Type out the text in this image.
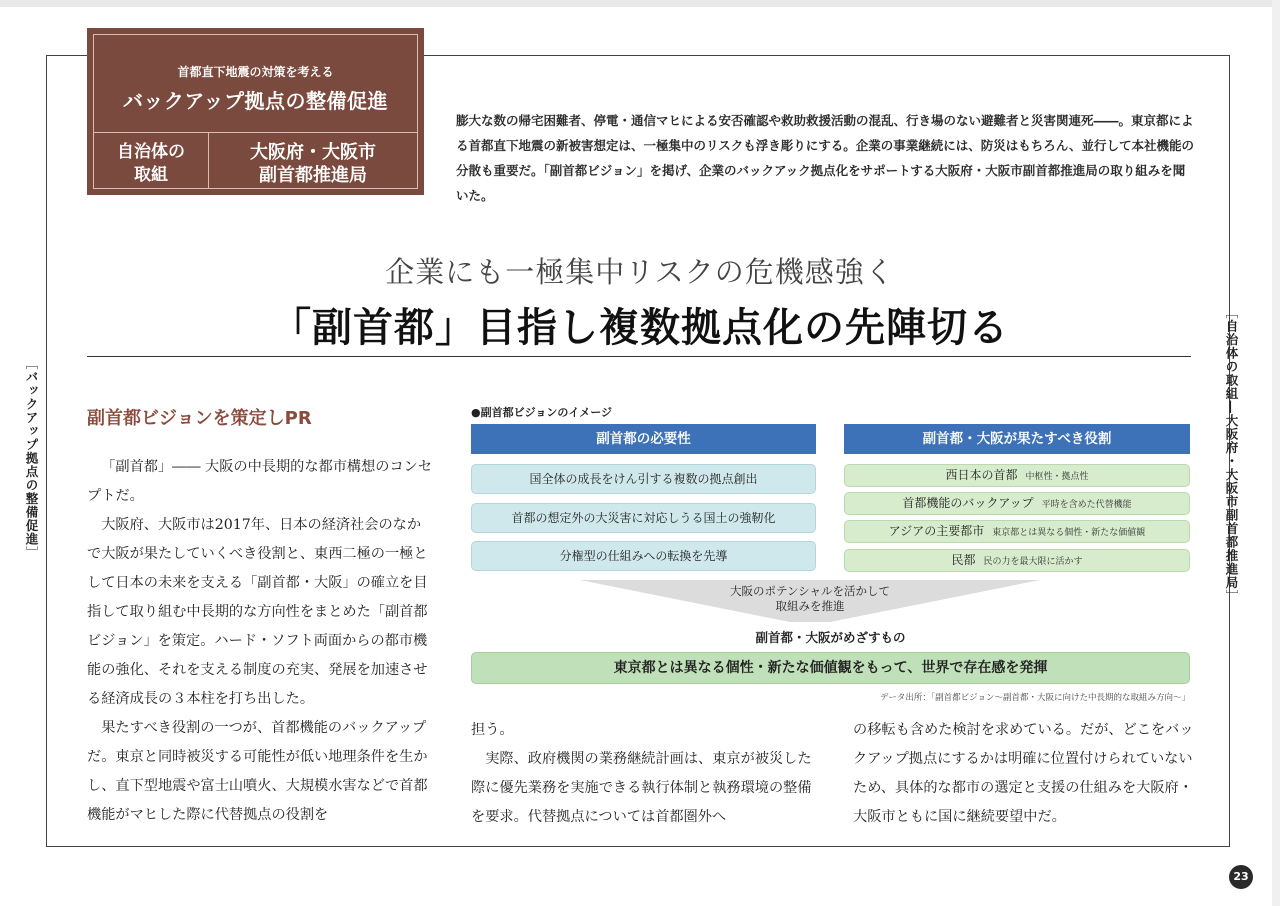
首都直下地震の対策を考える
バックアップ拠点の整備促進
自治体の
取組
大阪府・大阪市
副首都推進局
膨大な数の帰宅困難者、停電・通信マヒによる安否確認や救助救援活動の混乱、行き場のない避難者と災害関連死――。東京都による首都直下地震の新被害想定は、一極集中のリスクも浮き彫りにする。企業の事業継続には、防災はもちろん、並行して本社機能の分散も重要だ。「副首都ビジョン」を掲げ、企業のバックアック拠点化をサポートする大阪府・大阪市副首都推進局の取り組みを聞いた。
企業にも一極集中リスクの危機感強く
「副首都」目指し複数拠点化の先陣切る
［バックアップ拠点の整備促進］
［自治体の取組―大阪府・大阪市副首都推進局］
副首都ビジョンを策定しPR

「副首都」―― 大阪の中長期的な都市構想のコンセプトだ。

大阪府、大阪市は2017年、日本の経済社会のなかで大阪が果たしていくべき役割と、東西二極の一極として日本の未来を支える「副首都・大阪」の確立を目指して取り組む中長期的な方向性をまとめた「副首都ビジョン」を策定。ハード・ソフト両面からの都市機能の強化、それを支える制度の充実、発展を加速させる経済成長の３本柱を打ち出した。

果たすべき役割の一つが、首都機能のバックアップだ。東京と同時被災する可能性が低い地理条件を生かし、直下型地震や富士山噴火、大規模水害などで首都機能がマヒした際に代替拠点の役割を

担う。

実際、政府機関の業務継続計画は、東京が被災した際に優先業務を実施できる執行体制と執務環境の整備を要求。代替拠点については首都圏外へ

の移転も含めた検討を求めている。だが、どこをバックアップ拠点にするかは明確に位置付けられていないため、具体的な都市の選定と支援の仕組みを大阪府・大阪市ともに国に継続要望中だ。

●副首都ビジョンのイメージ
副首都の必要性	副首都・大阪が果たすべき役割
国全体の成長をけん引する複数の拠点創出
首都の想定外の大災害に対応しうる国土の強靭化
分権型の仕組みへの転換を先導
西日本の首都 中枢性・拠点性
首都機能のバックアップ 平時を含めた代替機能
アジアの主要都市 東京都とは異なる個性・新たな価値観
民都 民の力を最大限に活かす
大阪のポテンシャルを活かして
取組みを推進
副首都・大阪がめざすもの
東京都とは異なる個性・新たな価値観をもって、世界で存在感を発揮
データ出所：「副首都ビジョン～副首都・大阪に向けた中長期的な取組み方向～」
23
